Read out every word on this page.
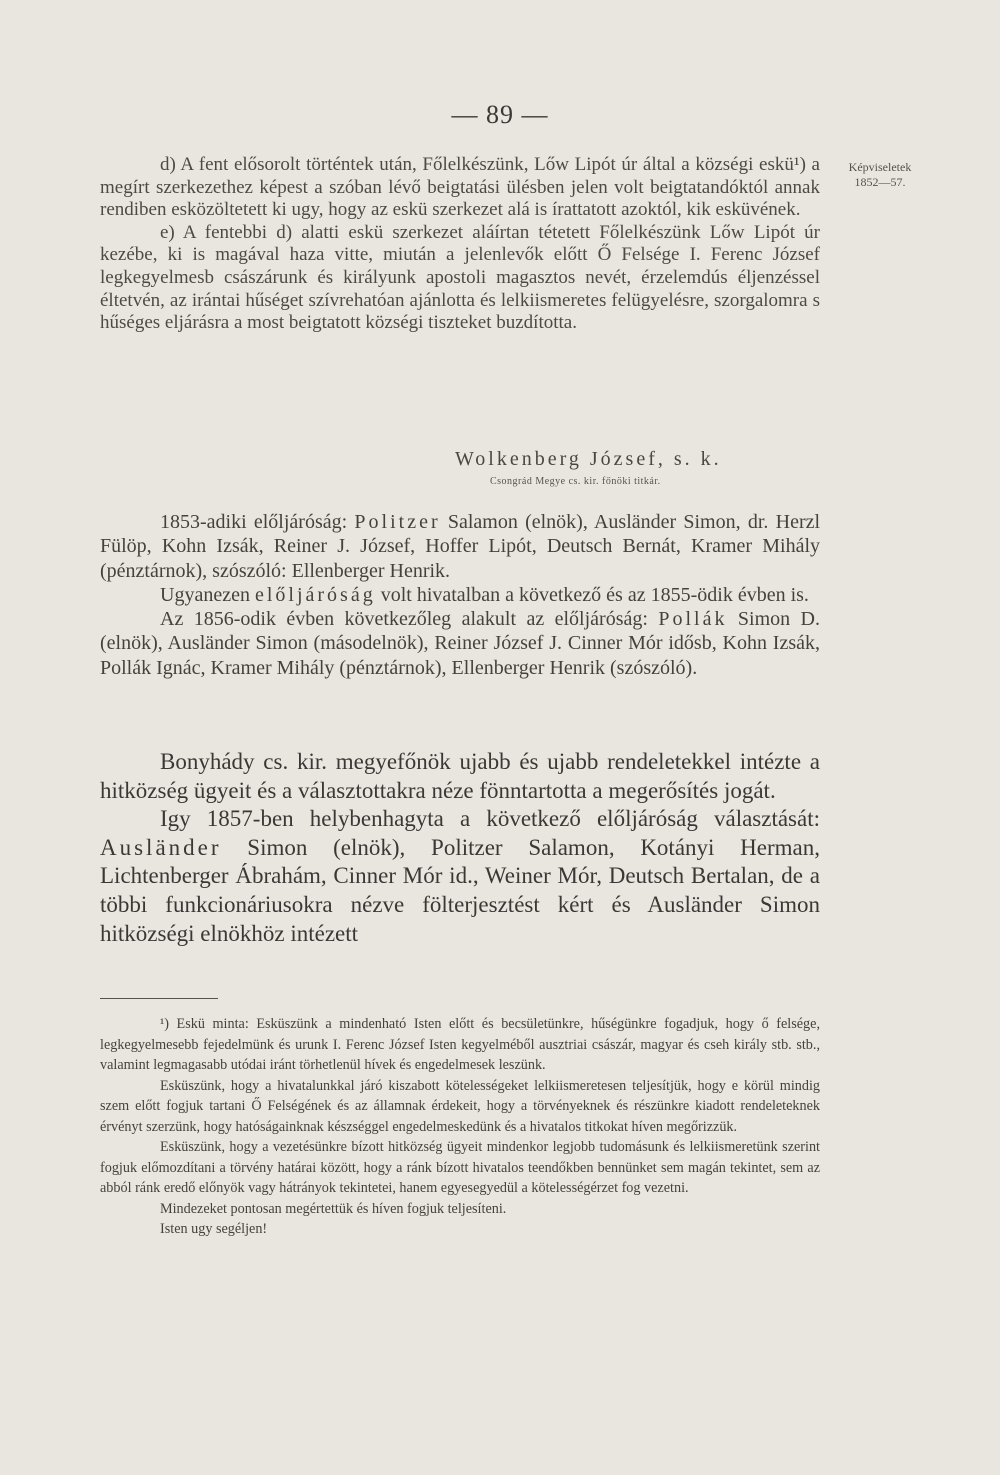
— 89 —
Képviseletek
1852—57.

d) A fent elősorolt történtek után, Főlelkészünk, Lőw Lipót úr által a községi eskü¹) a megírt szerkezethez képest a szóban lévő beigtatási ülésben jelen volt beigtatandóktól annak rendiben esközöltetett ki ugy, hogy az eskü szerkezet alá is írattatott azoktól, kik esküvének.

e) A fentebbi d) alatti eskü szerkezet aláírtan tétetett Főlelkészünk Lőw Lipót úr kezébe, ki is magával haza vitte, miután a jelenlevők előtt Ő Felsége I. Ferenc József legkegyelmesb császárunk és királyunk apostoli magasztos nevét, érzelemdús éljenzéssel éltetvén, az irántai hűséget szívrehatóan ajánlotta és lelkiismeretes felügyelésre, szorgalomra s hűséges eljárásra a most beigtatott községi tiszteket buzdította.

Wolkenberg József, s. k.
Csongrád Megye cs. kir. főnöki titkár.

1853-adiki előljáróság: Politzer Salamon (elnök), Ausländer Simon, dr. Herzl Fülöp, Kohn Izsák, Reiner J. József, Hoffer Lipót, Deutsch Bernát, Kramer Mihály (pénztárnok), szószóló: Ellenberger Henrik.

Ugyanezen előljáróság volt hivatalban a következő és az 1855-ödik évben is.

Az 1856-odik évben következőleg alakult az előljáróság: Pollák Simon D. (elnök), Ausländer Simon (másodelnök), Reiner József J. Cinner Mór idősb, Kohn Izsák, Pollák Ignác, Kramer Mihály (pénztárnok), Ellenberger Henrik (szószóló).

Bonyhády cs. kir. megyefőnök ujabb és ujabb rendeletekkel intézte a hitközség ügyeit és a választottakra néze fönntartotta a megerősítés jogát.

Igy 1857-ben helybenhagyta a következő előljáróság választását: Ausländer Simon (elnök), Politzer Salamon, Kotányi Herman, Lichtenberger Ábrahám, Cinner Mór id., Weiner Mór, Deutsch Bertalan, de a többi funkcionáriusokra nézve fölterjesztést kért és Ausländer Simon hitközségi elnökhöz intézett

¹) Eskü minta: Esküszünk a mindenható Isten előtt és becsületünkre, hűségünkre fogadjuk, hogy ő felsége, legkegyelmesebb fejedelmünk és urunk I. Ferenc József Isten kegyelméből ausztriai császár, magyar és cseh király stb. stb., valamint legmagasabb utódai iránt törhetlenül hívek és engedelmesek leszünk.

Esküszünk, hogy a hivatalunkkal járó kiszabott kötelességeket lelkiismeretesen teljesítjük, hogy e körül mindig szem előtt fogjuk tartani Ő Felségének és az államnak érdekeit, hogy a törvényeknek és részünkre kiadott rendeleteknek érvényt szerzünk, hogy hatóságainknak készséggel engedelmeskedünk és a hivatalos titkokat híven megőrizzük.

Esküszünk, hogy a vezetésünkre bízott hitközség ügyeit mindenkor legjobb tudomásunk és lelkiismeretünk szerint fogjuk előmozdítani a törvény határai között, hogy a ránk bízott hivatalos teendőkben bennünket sem magán tekintet, sem az abból ránk eredő előnyök vagy hátrányok tekintetei, hanem egyesegyedül a kötelességérzet fog vezetni.

Mindezeket pontosan megértettük és híven fogjuk teljesíteni.

Isten ugy segéljen!
